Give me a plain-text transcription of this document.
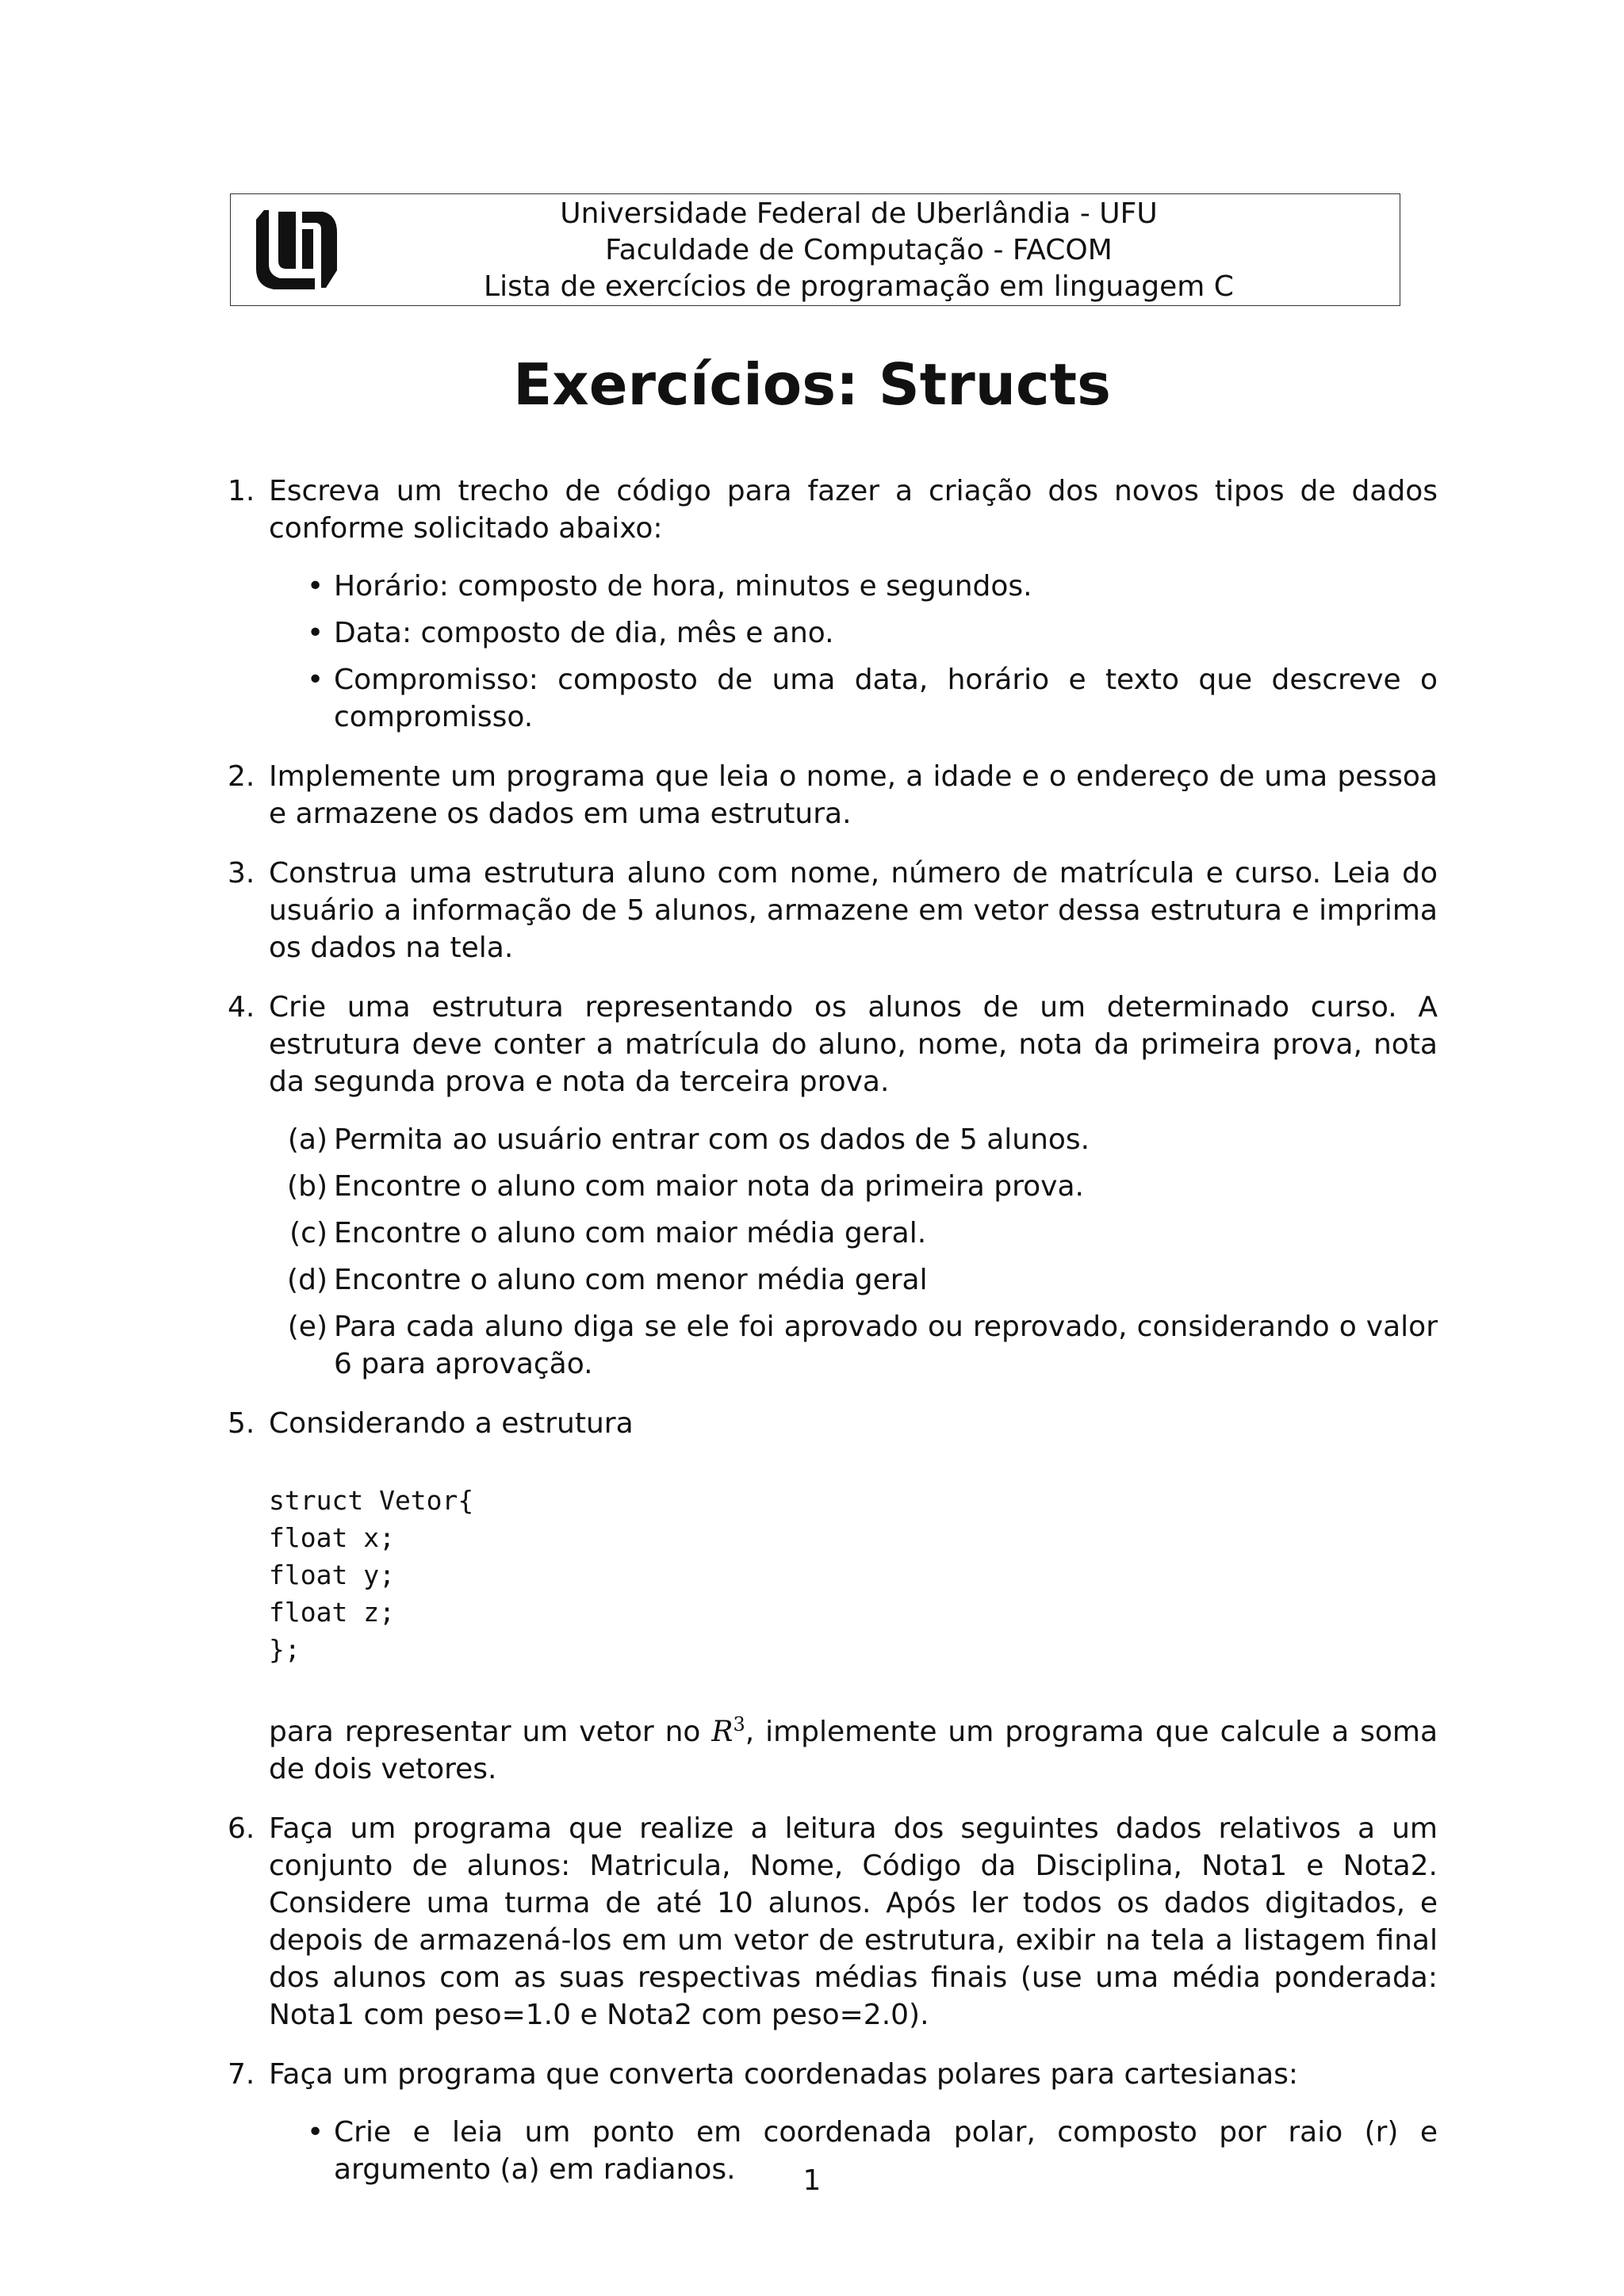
Universidade Federal de Uberlândia - UFU
Faculdade de Computação - FACOM
Lista de exercícios de programação em linguagem C
Exercícios: Structs
1. Escreva um trecho de código para fazer a criação dos novos tipos de dados conforme solicitado abaixo:

• Horário: composto de hora, minutos e segundos.
• Data: composto de dia, mês e ano.
• Compromisso: composto de uma data, horário e texto que descreve o compromisso.
2. Implemente um programa que leia o nome, a idade e o endereço de uma pessoa e armazene os dados em uma estrutura.

3. Construa uma estrutura aluno com nome, número de matrícula e curso. Leia do usuário a informação de 5 alunos, armazene em vetor dessa estrutura e imprima os dados na tela.

4. Crie uma estrutura representando os alunos de um determinado curso. A estrutura deve conter a matrícula do aluno, nome, nota da primeira prova, nota da segunda prova e nota da terceira prova.

(a) Permita ao usuário entrar com os dados de 5 alunos.
(b) Encontre o aluno com maior nota da primeira prova.
(c) Encontre o aluno com maior média geral.
(d) Encontre o aluno com menor média geral
(e) Para cada aluno diga se ele foi aprovado ou reprovado, considerando o valor 6 para aprovação.
5. Considerando a estrutura

struct Vetor{
float x;
float y;
float z;
};

para representar um vetor no $R^3$, implemente um programa que calcule a soma de dois vetores.

6. Faça um programa que realize a leitura dos seguintes dados relativos a um conjunto de alunos: Matricula, Nome, Código da Disciplina, Nota1 e Nota2. Considere uma turma de até 10 alunos. Após ler todos os dados digitados, e depois de armazená-los em um vetor de estrutura, exibir na tela a listagem final dos alunos com as suas respectivas médias finais (use uma média ponderada: Nota1 com peso=1.0 e Nota2 com peso=2.0).

7. Faça um programa que converta coordenadas polares para cartesianas:

• Crie e leia um ponto em coordenada polar, composto por raio (r) e argumento (a) em radianos.	1
